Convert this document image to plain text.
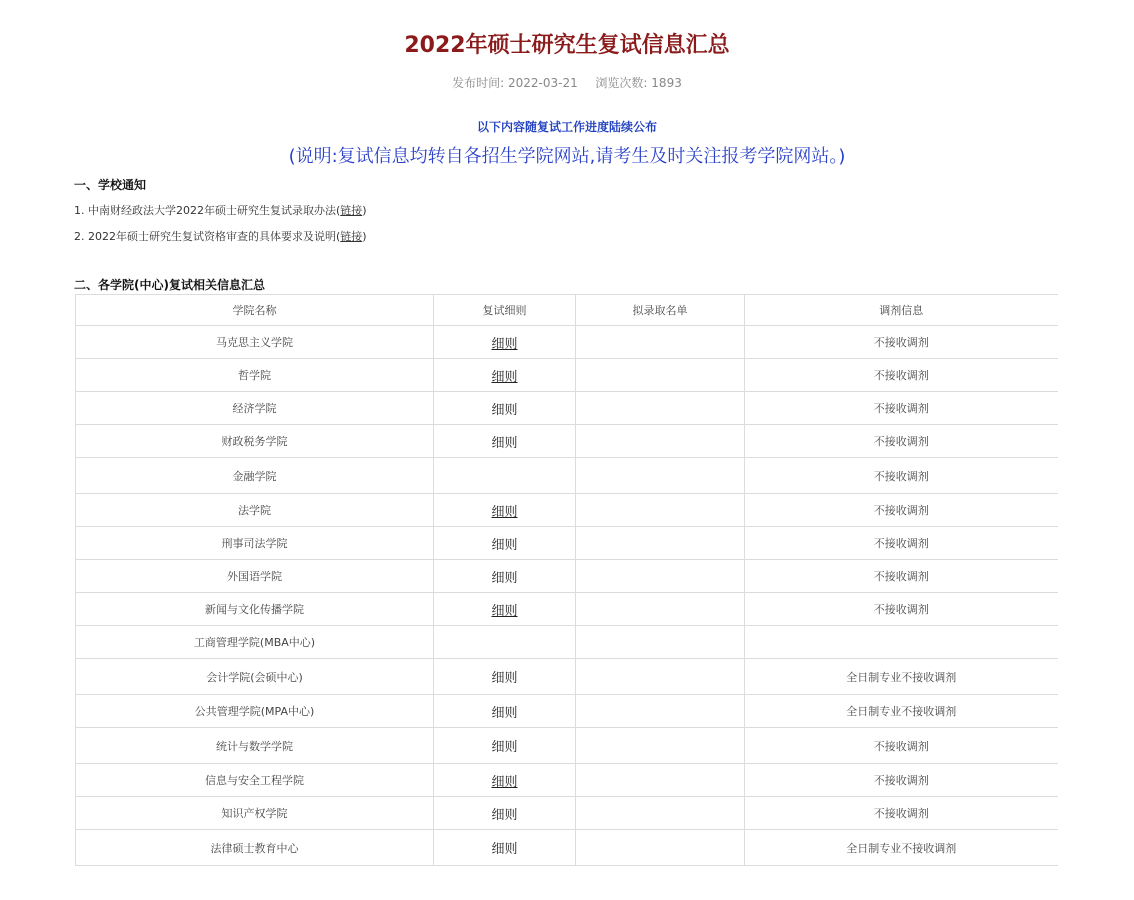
2022年硕士研究生复试信息汇总
发布时间: 2022-03-21 浏览次数: 1893
以下内容随复试工作进度陆续公布
(说明:复试信息均转自各招生学院网站,请考生及时关注报考学院网站。)
一、学校通知
1. 中南财经政法大学2022年硕士研究生复试录取办法(链接)
2. 2022年硕士研究生复试资格审查的具体要求及说明(链接)
二、各学院(中心)复试相关信息汇总
学院名称	复试细则	拟录取名单	调剂信息
马克思主义学院	细则		不接收调剂
哲学院	细则		不接收调剂
经济学院	细则		不接收调剂
财政税务学院	细则		不接收调剂
金融学院			不接收调剂
法学院	细则		不接收调剂
刑事司法学院	细则		不接收调剂
外国语学院	细则		不接收调剂
新闻与文化传播学院	细则		不接收调剂
工商管理学院(MBA中心)			
会计学院(会硕中心)	细则		全日制专业不接收调剂
公共管理学院(MPA中心)	细则		全日制专业不接收调剂
统计与数学学院	细则		不接收调剂
信息与安全工程学院	细则		不接收调剂
知识产权学院	细则		不接收调剂
法律硕士教育中心	细则		全日制专业不接收调剂
